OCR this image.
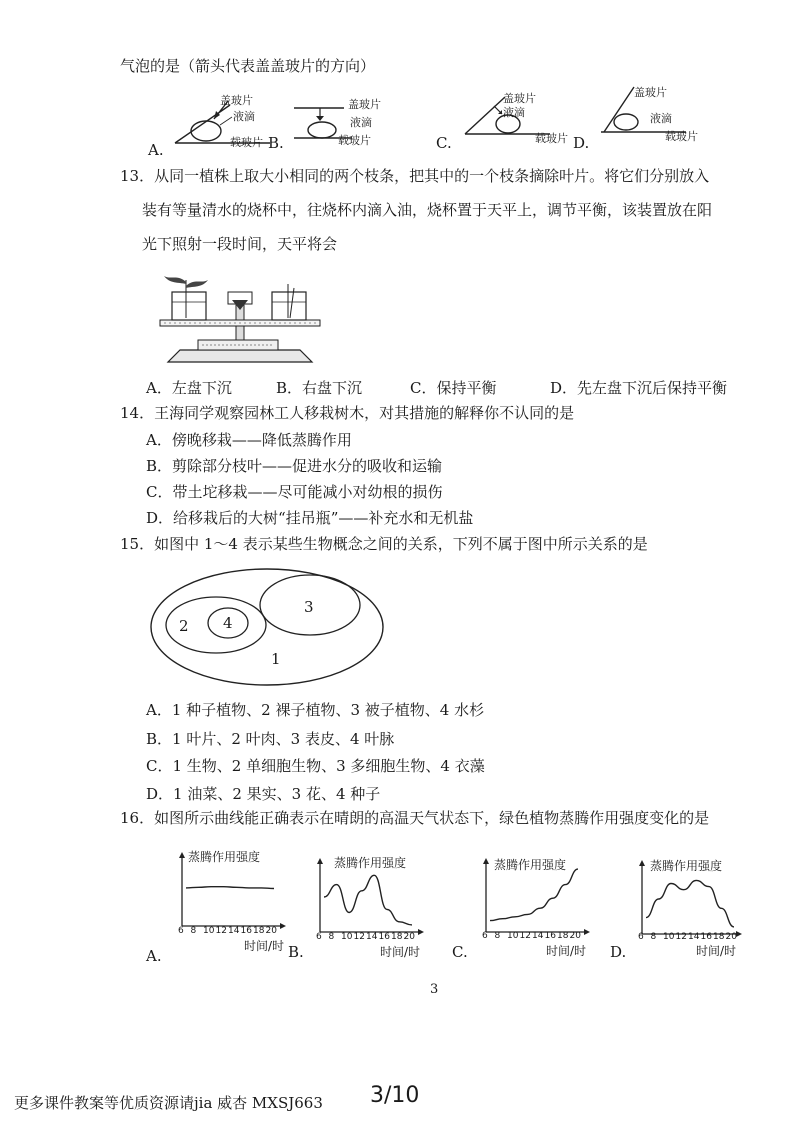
气泡的是（箭头代表盖盖玻片的方向）
A.
盖玻片
液滴
载玻片 B.
盖玻片
液滴
载玻片	C.
盖玻片
液滴
载玻片 D.
盖玻片
液滴
载玻片
13．从同一植株上取大小相同的两个枝条，把其中的一个枝条摘除叶片。将它们分别放入
装有等量清水的烧杯中，往烧杯内滴入油，烧杯置于天平上，调节平衡，该装置放在阳
光下照射一段时间，天平将会
A．左盘下沉	B．右盘下沉	C．保持平衡	D．先左盘下沉后保持平衡
14．王海同学观察园林工人移栽树木，对其措施的解释你不认同的是
A．傍晚移栽——降低蒸腾作用
B．剪除部分枝叶——促进水分的吸收和运输
C．带土坨移栽——尽可能减小对幼根的损伤
D．给移栽后的大树“挂吊瓶”——补充水和无机盐
15．如图中 1～4 表示某些生物概念之间的关系，下列不属于图中所示关系的是
1
2 4
3
A．1 种子植物、2 裸子植物、3 被子植物、4 水杉
B．1 叶片、2 叶肉、3 表皮、4 叶脉
C．1 生物、2 单细胞生物、3 多细胞生物、4 衣藻
D．1 油菜、2 果实、3 花、4 种子
16．如图所示曲线能正确表示在晴朗的高温天气状态下，绿色植物蒸腾作用强度变化的是
蒸腾作用强度
6 8 10 12 14 16 18 20
时间/时
A.
蒸腾作用强度
6 8 10 12 14 16 18 20
时间/时
B.
蒸腾作用强度
6 8 10 12 14 16 18 20
时间/时
C.
蒸腾作用强度
6 8 10 12 14 16 18 20
时间/时
D.
3
更多课件教案等优质资源请jia 威杏 MXSJ663 3/10
